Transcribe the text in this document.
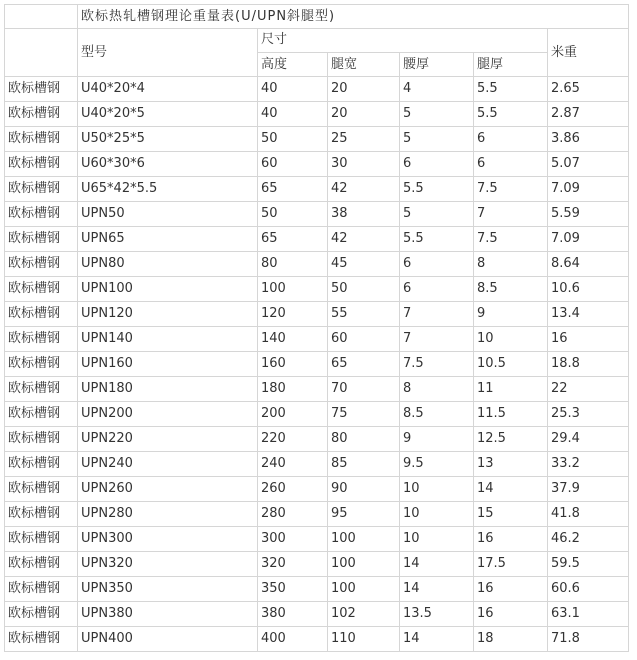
	欧标热轧槽钢理论重量表(U/UPN斜腿型)					
	型号	尺寸				米重
		高度	腿宽	腰厚	腿厚	
欧标槽钢	U40*20*4	40	20	4	5.5	2.65
欧标槽钢	U40*20*5	40	20	5	5.5	2.87
欧标槽钢	U50*25*5	50	25	5	6	3.86
欧标槽钢	U60*30*6	60	30	6	6	5.07
欧标槽钢	U65*42*5.5	65	42	5.5	7.5	7.09
欧标槽钢	UPN50	50	38	5	7	5.59
欧标槽钢	UPN65	65	42	5.5	7.5	7.09
欧标槽钢	UPN80	80	45	6	8	8.64
欧标槽钢	UPN100	100	50	6	8.5	10.6
欧标槽钢	UPN120	120	55	7	9	13.4
欧标槽钢	UPN140	140	60	7	10	16
欧标槽钢	UPN160	160	65	7.5	10.5	18.8
欧标槽钢	UPN180	180	70	8	11	22
欧标槽钢	UPN200	200	75	8.5	11.5	25.3
欧标槽钢	UPN220	220	80	9	12.5	29.4
欧标槽钢	UPN240	240	85	9.5	13	33.2
欧标槽钢	UPN260	260	90	10	14	37.9
欧标槽钢	UPN280	280	95	10	15	41.8
欧标槽钢	UPN300	300	100	10	16	46.2
欧标槽钢	UPN320	320	100	14	17.5	59.5
欧标槽钢	UPN350	350	100	14	16	60.6
欧标槽钢	UPN380	380	102	13.5	16	63.1
欧标槽钢	UPN400	400	110	14	18	71.8
